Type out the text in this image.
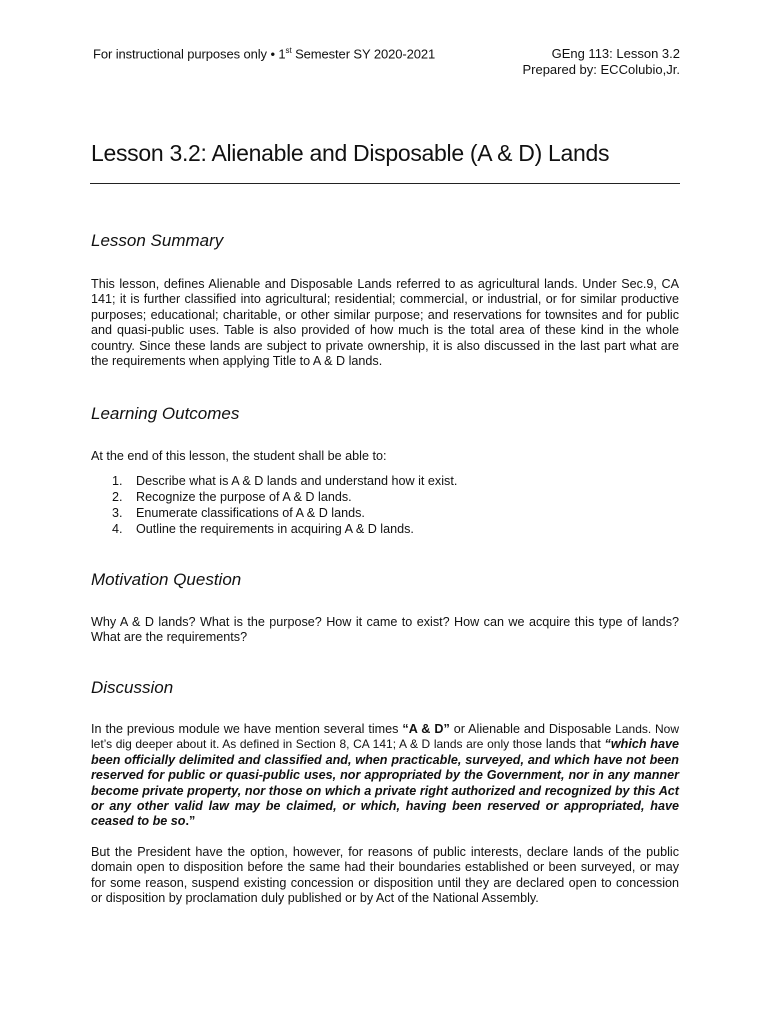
For instructional purposes only • 1st Semester SY 2020-2021	GEng 113: Lesson 3.2
Prepared by: ECColubio,Jr.
Lesson 3.2: Alienable and Disposable (A & D) Lands
Lesson Summary
This lesson, defines Alienable and Disposable Lands referred to as agricultural lands. Under Sec.9, CA 141; it is further classified into agricultural; residential; commercial, or industrial, or for similar productive purposes; educational; charitable, or other similar purpose; and reservations for townsites and for public and quasi-public uses. Table is also provided of how much is the total area of these kind in the whole country. Since these lands are subject to private ownership, it is also discussed in the last part what are the requirements when applying Title to A & D lands.
Learning Outcomes
At the end of this lesson, the student shall be able to:
1.	Describe what is A & D lands and understand how it exist.
2.	Recognize the purpose of A & D lands.
3.	Enumerate classifications of A & D lands.
4.	Outline the requirements in acquiring A & D lands.
Motivation Question
Why A & D lands? What is the purpose? How it came to exist? How can we acquire this type of lands? What are the requirements?
Discussion
In the previous module we have mention several times “A & D” or Alienable and Disposable Lands. Now let’s dig deeper about it. As defined in Section 8, CA 141; A & D lands are only those lands that “which have been officially delimited and classified and, when practicable, surveyed, and which have not been reserved for public or quasi-public uses, nor appropriated by the Government, nor in any manner become private property, nor those on which a private right authorized and recognized by this Act or any other valid law may be claimed, or which, having been reserved or appropriated, have ceased to be so.”
But the President have the option, however, for reasons of public interests, declare lands of the public domain open to disposition before the same had their boundaries established or been surveyed, or may for some reason, suspend existing concession or disposition until they are declared open to concession or disposition by proclamation duly published or by Act of the National Assembly.
